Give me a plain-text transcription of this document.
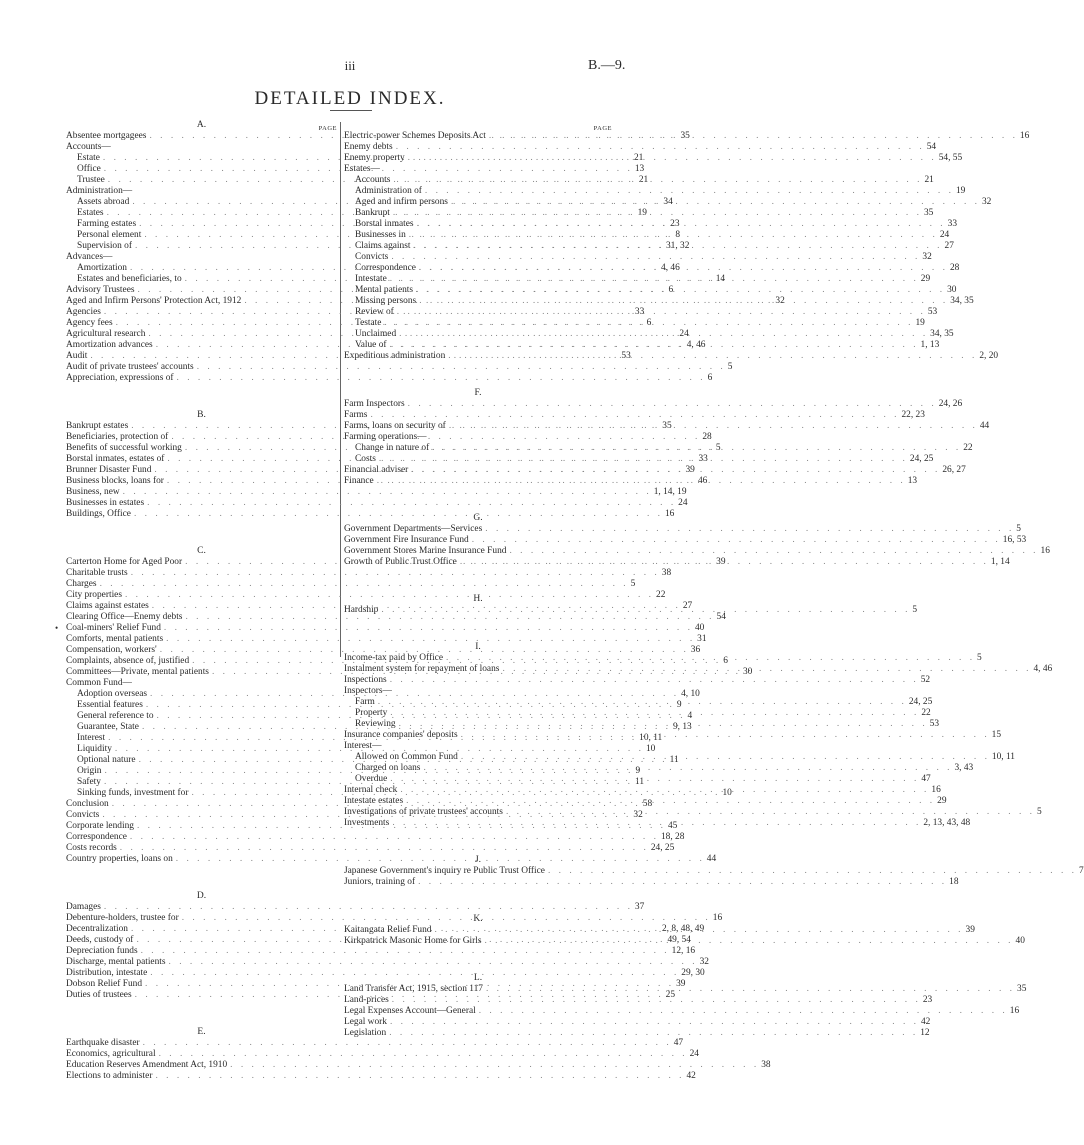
iii	B.—9.
DETAILED INDEX.
A.	PAGE
Absentee mortgagees . . .	35
Accounts—
Estate . . .	21
Office . . .	13
Trustee . . .	21
Administration—
Assets abroad . . .	34
Estates . . .	19
Farming estates . . .	23
Personal element . . .	8
Supervision of . . .	31, 32
Advances—
Amortization . . .	4, 46
Estates and beneficiaries, to . . .	14
Advisory Trustees . . .	6
Aged and Infirm Persons' Protection Act, 1912 . . .	32
Agencies . . .	33
Agency fees . . .	6
Agricultural research . . .	24
Amortization advances . . .	4, 46
Audit . . .	53
Audit of private trustees' accounts . . .	5
Appreciation, expressions of . . .	6
B.
Bankrupt estates . . .	35
Beneficiaries, protection of . . .	28
Benefits of successful working . . .	5
Borstal inmates, estates of . . .	33
Brunner Disaster Fund . . .	39
Business blocks, loans for . . .	46
Business, new . . .	1, 14, 19
Businesses in estates . . .	24
Buildings, Office . . .	16
C.
Carterton Home for Aged Poor . . .	39
Charitable trusts . . .	38
Charges . . .	5
City properties . . .	22
Claims against estates . . .	27
Clearing Office—Enemy debts . . .	54
• Coal-miners' Relief Fund . . .	40
Comforts, mental patients . . .	31
Compensation, workers' . . .	36
Complaints, absence of, justified . . .	6
Committees—Private, mental patients . . .	30
Common Fund—
Adoption overseas . . .	4, 10
Essential features . . .	9
General reference to . . .	4
Guarantee, State . . .	9, 13
Interest . . .	10, 11
Liquidity . . .	10
Optional nature . . .	11
Origin . . .	9
Safety . . .	11
Sinking funds, investment for . . .	10
Conclusion . . .	58
Convicts . . .	32
Corporate lending . . .	45
Correspondence . . .	18, 28
Costs records . . .	24, 25
Country properties, loans on . . .	44
D.
Damages . . .	37
Debenture-holders, trustee for . . .	16
Decentralization . . .	2, 8, 48, 49
Deeds, custody of . . .	49, 54
Depreciation funds . . .	12, 16
Discharge, mental patients . . .	32
Distribution, intestate . . .	29, 30
Dobson Relief Fund . . .	39
Duties of trustees . . .	25
E.
Earthquake disaster . . .	47
Economics, agricultural . . .	24
Education Reserves Amendment Act, 1910 . . .	38
Elections to administer . . .	42
PAGE
Electric-power Schemes Deposits Act . . .	16
Enemy debts . . .	54
Enemy property . . .	54, 55
Estates—
Accounts . . .	21
Administration of . . .	19
Aged and infirm persons . . .	32
Bankrupt . . .	35
Borstal inmates . . .	33
Businesses in . . .	24
Claims against . . .	27
Convicts . . .	32
Correspondence . . .	28
Intestate . . .	29
Mental patients . . .	30
Missing persons . . .	34, 35
Review of . . .	53
Testate . . .	19
Unclaimed . . .	34, 35
Value of . . .	1, 13
Expeditious administration . . .	2, 20
F.
Farm Inspectors . . .	24, 26
Farms . . .	22, 23
Farms, loans on security of . . .	44
Farming operations—
Change in nature of . . .	22
Costs . . .	24, 25
Financial adviser . . .	26, 27
Finance . . .	13
G.
Government Departments—Services . . .	5
Government Fire Insurance Fund . . .	16, 53
Government Stores Marine Insurance Fund . . .	16
Growth of Public Trust Office . . .	1, 14
H.
Hardship . . .	5
I.
Income-tax paid by Office . . .	5
Instalment system for repayment of loans . . .	4, 46
Inspections . . .	52
Inspectors—
Farm . . .	24, 25
Property . . .	22
Reviewing . . .	53
Insurance companies' deposits . . .	15
Interest—
Allowed on Common Fund . . .	10, 11
Charged on loans . . .	3, 43
Overdue . . .	47
Internal check . . .	16
Intestate estates . . .	29
Investigations of private trustees' accounts . . .	5
Investments . . .	2, 13, 43, 48
J.
Japanese Government's inquiry re Public Trust Office . . .	7
Juniors, training of . . .	18
K.
Kaitangata Relief Fund . . .	39
Kirkpatrick Masonic Home for Girls . . .	40
L.
Land Transfer Act, 1915, section 117 . . .	35
Land-prices . . .	23
Legal Expenses Account—General . . .	16
Legal work . . .	42
Legislation . . .	12
